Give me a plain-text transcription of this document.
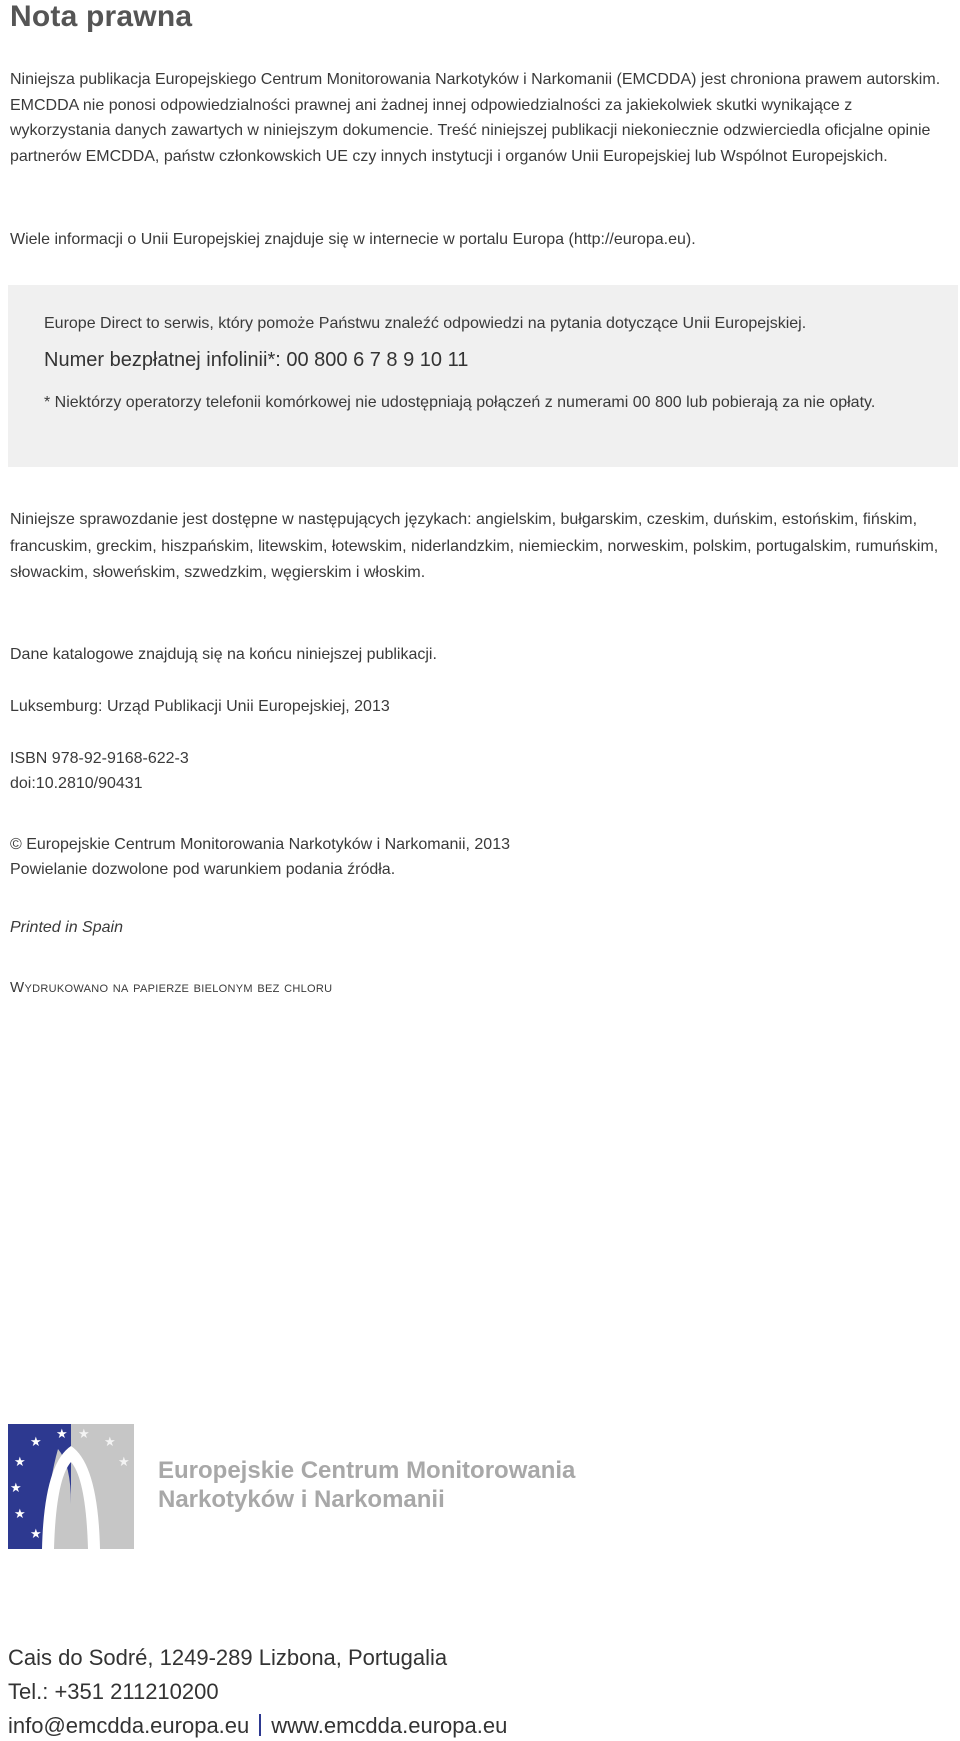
Nota prawna

Niniejsza publikacja Europejskiego Centrum Monitorowania Narkotyków i Narkomanii (EMCDDA) jest chroniona prawem autorskim. EMCDDA nie ponosi odpowiedzialności prawnej ani żadnej innej odpowiedzialności za jakiekolwiek skutki wynikające z wykorzystania danych zawartych w niniejszym dokumencie. Treść niniejszej publikacji niekoniecznie odzwierciedla oficjalne opinie partnerów EMCDDA, państw członkowskich UE czy innych instytucji i organów Unii Europejskiej lub Wspólnot Europejskich.

Wiele informacji o Unii Europejskiej znajduje się w internecie w portalu Europa (http://europa.eu).

Europe Direct to serwis, który pomoże Państwu znaleźć odpowiedzi na pytania dotyczące Unii Europejskiej.

Numer bezpłatnej infolinii*: 00 800 6 7 8 9 10 11

* Niektórzy operatorzy telefonii komórkowej nie udostępniają połączeń z numerami 00 800 lub pobierają za nie opłaty.

Niniejsze sprawozdanie jest dostępne w następujących językach: angielskim, bułgarskim, czeskim, duńskim, estońskim, fińskim, francuskim, greckim, hiszpańskim, litewskim, łotewskim, niderlandzkim, niemieckim, norweskim, polskim, portugalskim, rumuńskim, słowackim, słoweńskim, szwedzkim, węgierskim i włoskim.

Dane katalogowe znajdują się na końcu niniejszej publikacji.

Luksemburg: Urząd Publikacji Unii Europejskiej, 2013

ISBN 978-92-9168-622-3

doi:10.2810/90431

© Europejskie Centrum Monitorowania Narkotyków i Narkomanii, 2013

Powielanie dozwolone pod warunkiem podania źródła.

Printed in Spain

Wydrukowano na papierze bielonym bez chloru

★
★
★
★
★
★ ★
★
★ Europejskie Centrum Monitorowania
Narkotyków i Narkomanii

Cais do Sodré, 1249-289 Lizbona, Portugalia

Tel.: +351 211210200

info@emcdda.europa.eu www.emcdda.europa.eu
